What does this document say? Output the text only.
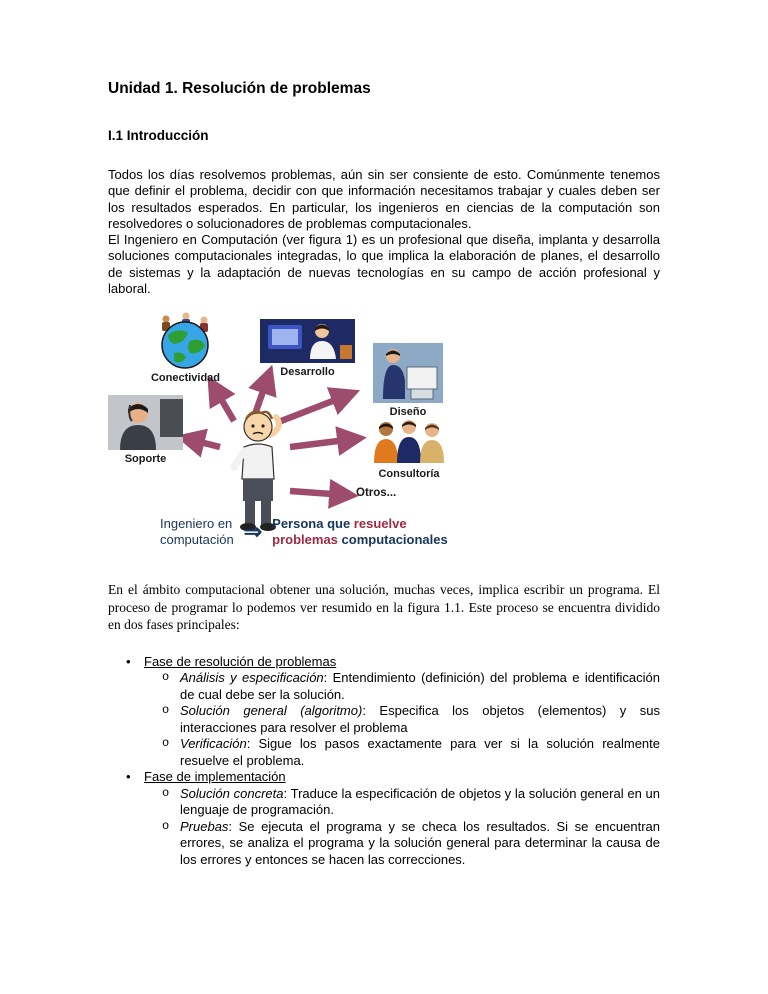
Unidad 1. Resolución de problemas
I.1 Introducción

Todos los días resolvemos problemas, aún sin ser consiente de esto. Comúnmente tenemos que definir el problema, decidir con que información necesitamos trabajar y cuales deben ser los resultados esperados. En particular, los ingenieros en ciencias de la computación son resolvedores o solucionadores de problemas computacionales.
El Ingeniero en Computación (ver figura 1) es un profesional que diseña, implanta y desarrolla soluciones computacionales integradas, lo que implica la elaboración de planes, el desarrollo de sistemas y la adaptación de nuevas tecnologías en su campo de acción profesional y laboral.

Conectividad	Desarrollo
Diseño
Consultoría
Soporte
Otros...
Ingeniero en
computación ⇒ Persona que resuelve
problemas computacionales

En el ámbito computacional obtener una solución, muchas veces, implica escribir un programa. El proceso de programar lo podemos ver resumido en la figura 1.1. Este proceso se encuentra dividido en dos fases principales:

•	Fase de resolución de problemas
o Análisis y especificación: Entendimiento (definición) del problema e identificación de cual debe ser la solución.
o Solución general (algoritmo): Especifica los objetos (elementos) y sus interacciones para resolver el problema
o Verificación: Sigue los pasos exactamente para ver si la solución realmente resuelve el problema.
•	Fase de implementación
o Solución concreta: Traduce la especificación de objetos y la solución general en un lenguaje de programación.
o Pruebas: Se ejecuta el programa y se checa los resultados. Si se encuentran errores, se analiza el programa y la solución general para determinar la causa de los errores y entonces se hacen las correcciones.
